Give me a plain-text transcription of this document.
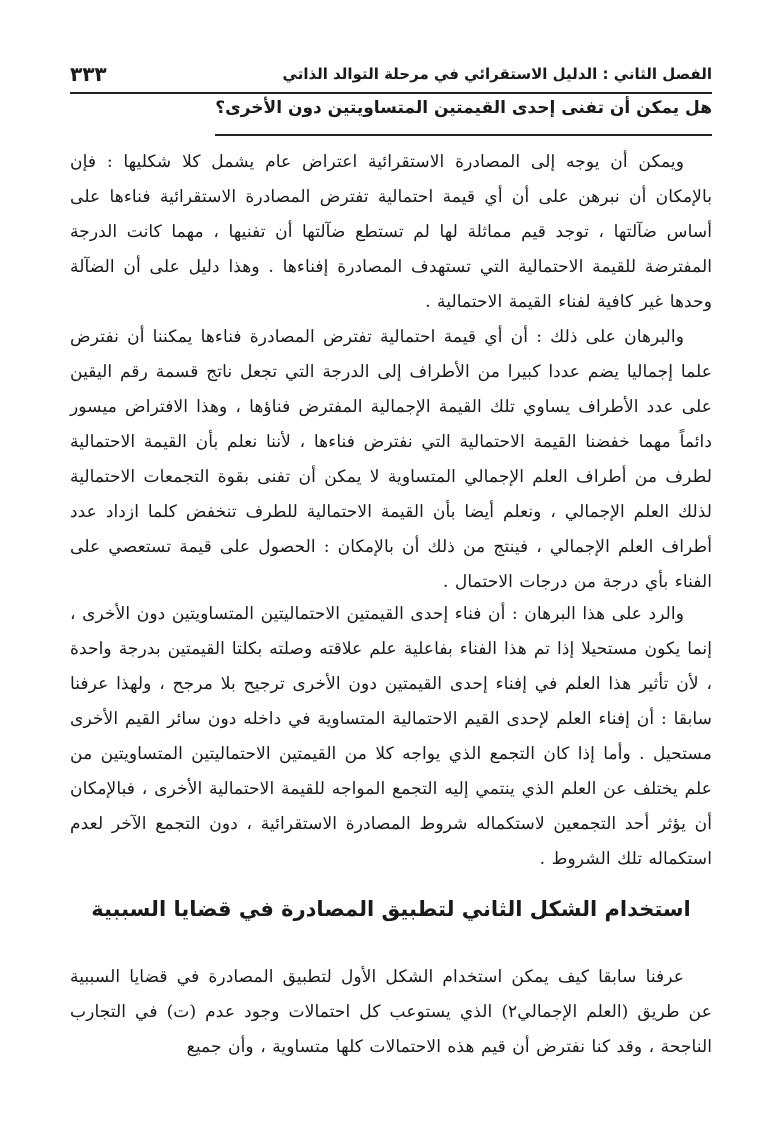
الفصل الثاني : الدليل الاستقرائي في مرحلة التوالد الذاتي
٣٣٣
هل يمكن أن تفنى إحدى القيمتين المتساويتين دون الأخرى؟

ويمكن أن يوجه إلى المصادرة الاستقرائية اعتراض عام يشمل كلا شكليها : فإن بالإمكان أن نبرهن على أن أي قيمة احتمالية تفترض المصادرة الاستقرائية فناءها على أساس ضآلتها ، توجد قيم مماثلة لها لم تستطع ضآلتها أن تفنيها ، مهما كانت الدرجة المفترضة للقيمة الاحتمالية التي تستهدف المصادرة إفناءها . وهذا دليل على أن الضآلة وحدها غير كافية لفناء القيمة الاحتمالية .

والبرهان على ذلك : أن أي قيمة احتمالية تفترض المصادرة فناءها يمكننا أن نفترض علما إجماليا يضم عددا كبيرا من الأطراف إلى الدرجة التي تجعل ناتج قسمة رقم اليقين على عدد الأطراف يساوي تلك القيمة الإجمالية المفترض فناؤها ، وهذا الافتراض ميسور دائماً مهما خفضنا القيمة الاحتمالية التي نفترض فناءها ، لأننا نعلم بأن القيمة الاحتمالية لطرف من أطراف العلم الإجمالي المتساوية لا يمكن أن تفنى بقوة التجمعات الاحتمالية لذلك العلم الإجمالي ، ونعلم أيضا بأن القيمة الاحتمالية للطرف تنخفض كلما ازداد عدد أطراف العلم الإجمالي ، فينتج من ذلك أن بالإمكان : الحصول على قيمة تستعصي على الفناء بأي درجة من درجات الاحتمال .

والرد على هذا البرهان : أن فناء إحدى القيمتين الاحتماليتين المتساويتين دون الأخرى ، إنما يكون مستحيلا إذا تم هذا الفناء بفاعلية علم علاقته وصلته بكلتا القيمتين بدرجة واحدة ، لأن تأثير هذا العلم في إفناء إحدى القيمتين دون الأخرى ترجيح بلا مرجح ، ولهذا عرفنا سابقا : أن إفناء العلم لإحدى القيم الاحتمالية المتساوية في داخله دون سائر القيم الأخرى مستحيل . وأما إذا كان التجمع الذي يواجه كلا من القيمتين الاحتماليتين المتساويتين من علم يختلف عن العلم الذي ينتمي إليه التجمع المواجه للقيمة الاحتمالية الأخرى ، فبالإمكان أن يؤثر أحد التجمعين لاستكماله شروط المصادرة الاستقرائية ، دون التجمع الآخر لعدم استكماله تلك الشروط .

استخدام الشكل الثاني لتطبيق المصادرة في قضايا السببية

عرفنا سابقا كيف يمكن استخدام الشكل الأول لتطبيق المصادرة في قضايا السببية عن طريق (العلم الإجمالي٢) الذي يستوعب كل احتمالات وجود عدم (ت) في التجارب الناجحة ، وقد كنا نفترض أن قيم هذه الاحتمالات كلها متساوية ، وأن جميع
